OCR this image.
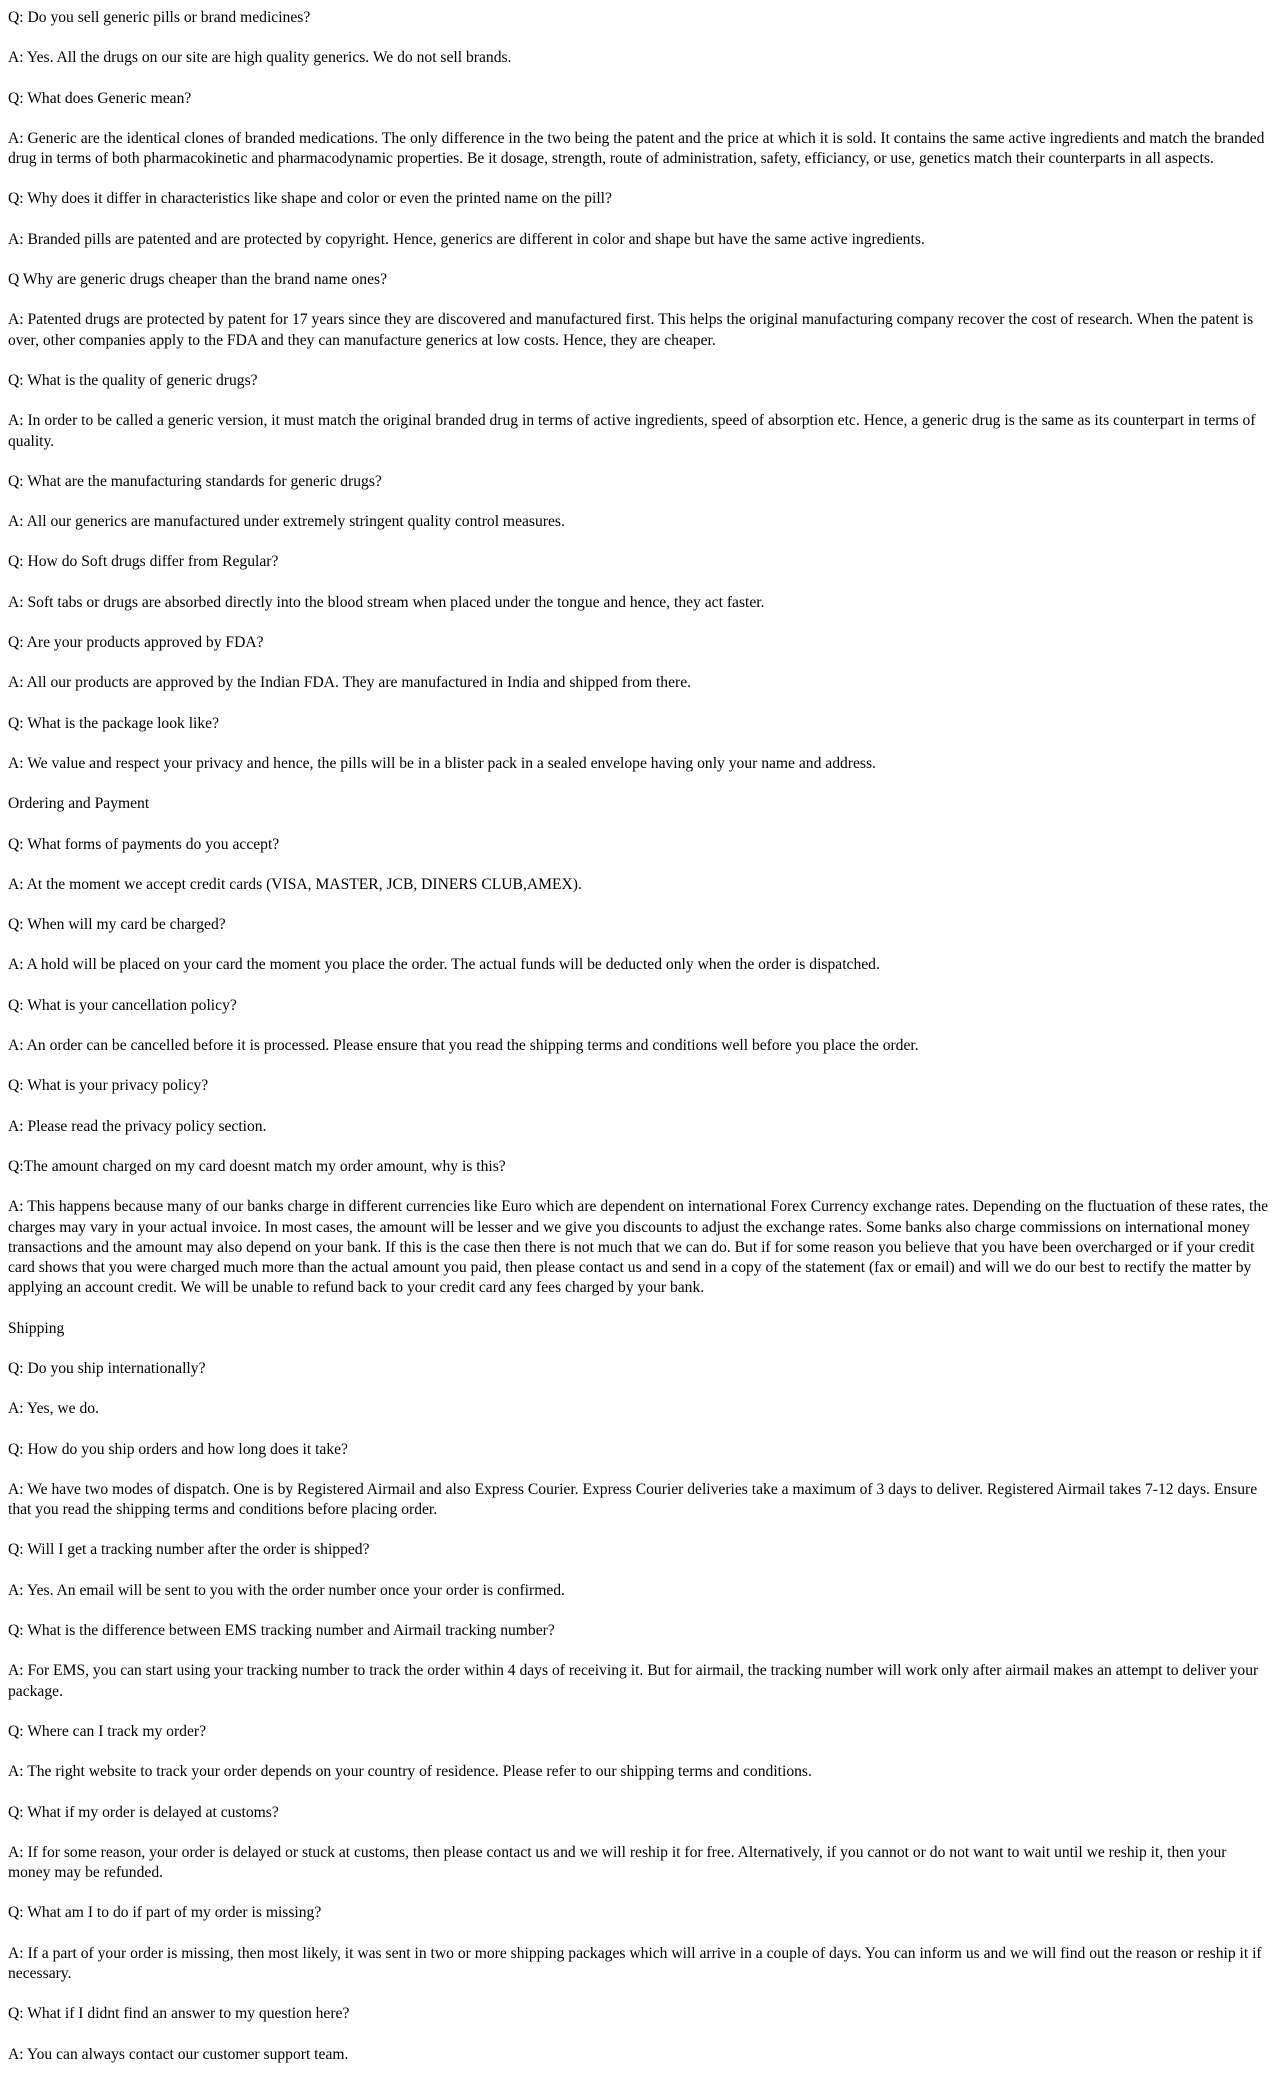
Q: Do you sell generic pills or brand medicines?

A: Yes. All the drugs on our site are high quality generics. We do not sell brands.

Q: What does Generic mean?

A: Generic are the identical clones of branded medications. The only difference in the two being the patent and the price at which it is sold. It contains the same active ingredients and match the branded drug in terms of both pharmacokinetic and pharmacodynamic properties. Be it dosage, strength, route of administration, safety, efficiancy, or use, genetics match their counterparts in all aspects.

Q: Why does it differ in characteristics like shape and color or even the printed name on the pill?

A: Branded pills are patented and are protected by copyright. Hence, generics are different in color and shape but have the same active ingredients.

Q Why are generic drugs cheaper than the brand name ones?

A: Patented drugs are protected by patent for 17 years since they are discovered and manufactured first. This helps the original manufacturing company recover the cost of research. When the patent is over, other companies apply to the FDA and they can manufacture generics at low costs. Hence, they are cheaper.

Q: What is the quality of generic drugs?

A: In order to be called a generic version, it must match the original branded drug in terms of active ingredients, speed of absorption etc. Hence, a generic drug is the same as its counterpart in terms of quality.

Q: What are the manufacturing standards for generic drugs?

A: All our generics are manufactured under extremely stringent quality control measures.

Q: How do Soft drugs differ from Regular?

A: Soft tabs or drugs are absorbed directly into the blood stream when placed under the tongue and hence, they act faster.

Q: Are your products approved by FDA?

A: All our products are approved by the Indian FDA. They are manufactured in India and shipped from there.

Q: What is the package look like?

A: We value and respect your privacy and hence, the pills will be in a blister pack in a sealed envelope having only your name and address.

Ordering and Payment

Q: What forms of payments do you accept?

A: At the moment we accept credit cards (VISA, MASTER, JCB, DINERS CLUB,AMEX).

Q: When will my card be charged?

A: A hold will be placed on your card the moment you place the order. The actual funds will be deducted only when the order is dispatched.

Q: What is your cancellation policy?

A: An order can be cancelled before it is processed. Please ensure that you read the shipping terms and conditions well before you place the order.

Q: What is your privacy policy?

A: Please read the privacy policy section.

Q:The amount charged on my card doesnt match my order amount, why is this?

A: This happens because many of our banks charge in different currencies like Euro which are dependent on international Forex Currency exchange rates. Depending on the fluctuation of these rates, the charges may vary in your actual invoice. In most cases, the amount will be lesser and we give you discounts to adjust the exchange rates. Some banks also charge commissions on international money transactions and the amount may also depend on your bank. If this is the case then there is not much that we can do. But if for some reason you believe that you have been overcharged or if your credit card shows that you were charged much more than the actual amount you paid, then please contact us and send in a copy of the statement (fax or email) and will we do our best to rectify the matter by applying an account credit. We will be unable to refund back to your credit card any fees charged by your bank.

Shipping

Q: Do you ship internationally?

A: Yes, we do.

Q: How do you ship orders and how long does it take?

A: We have two modes of dispatch. One is by Registered Airmail and also Express Courier. Express Courier deliveries take a maximum of 3 days to deliver. Registered Airmail takes 7-12 days. Ensure that you read the shipping terms and conditions before placing order.

Q: Will I get a tracking number after the order is shipped?

A: Yes. An email will be sent to you with the order number once your order is confirmed.

Q: What is the difference between EMS tracking number and Airmail tracking number?

A: For EMS, you can start using your tracking number to track the order within 4 days of receiving it. But for airmail, the tracking number will work only after airmail makes an attempt to deliver your package.

Q: Where can I track my order?

A: The right website to track your order depends on your country of residence. Please refer to our shipping terms and conditions.

Q: What if my order is delayed at customs?

A: If for some reason, your order is delayed or stuck at customs, then please contact us and we will reship it for free. Alternatively, if you cannot or do not want to wait until we reship it, then your money may be refunded.

Q: What am I to do if part of my order is missing?

A: If a part of your order is missing, then most likely, it was sent in two or more shipping packages which will arrive in a couple of days. You can inform us and we will find out the reason or reship it if necessary.

Q: What if I didnt find an answer to my question here?

A: You can always contact our customer support team.
